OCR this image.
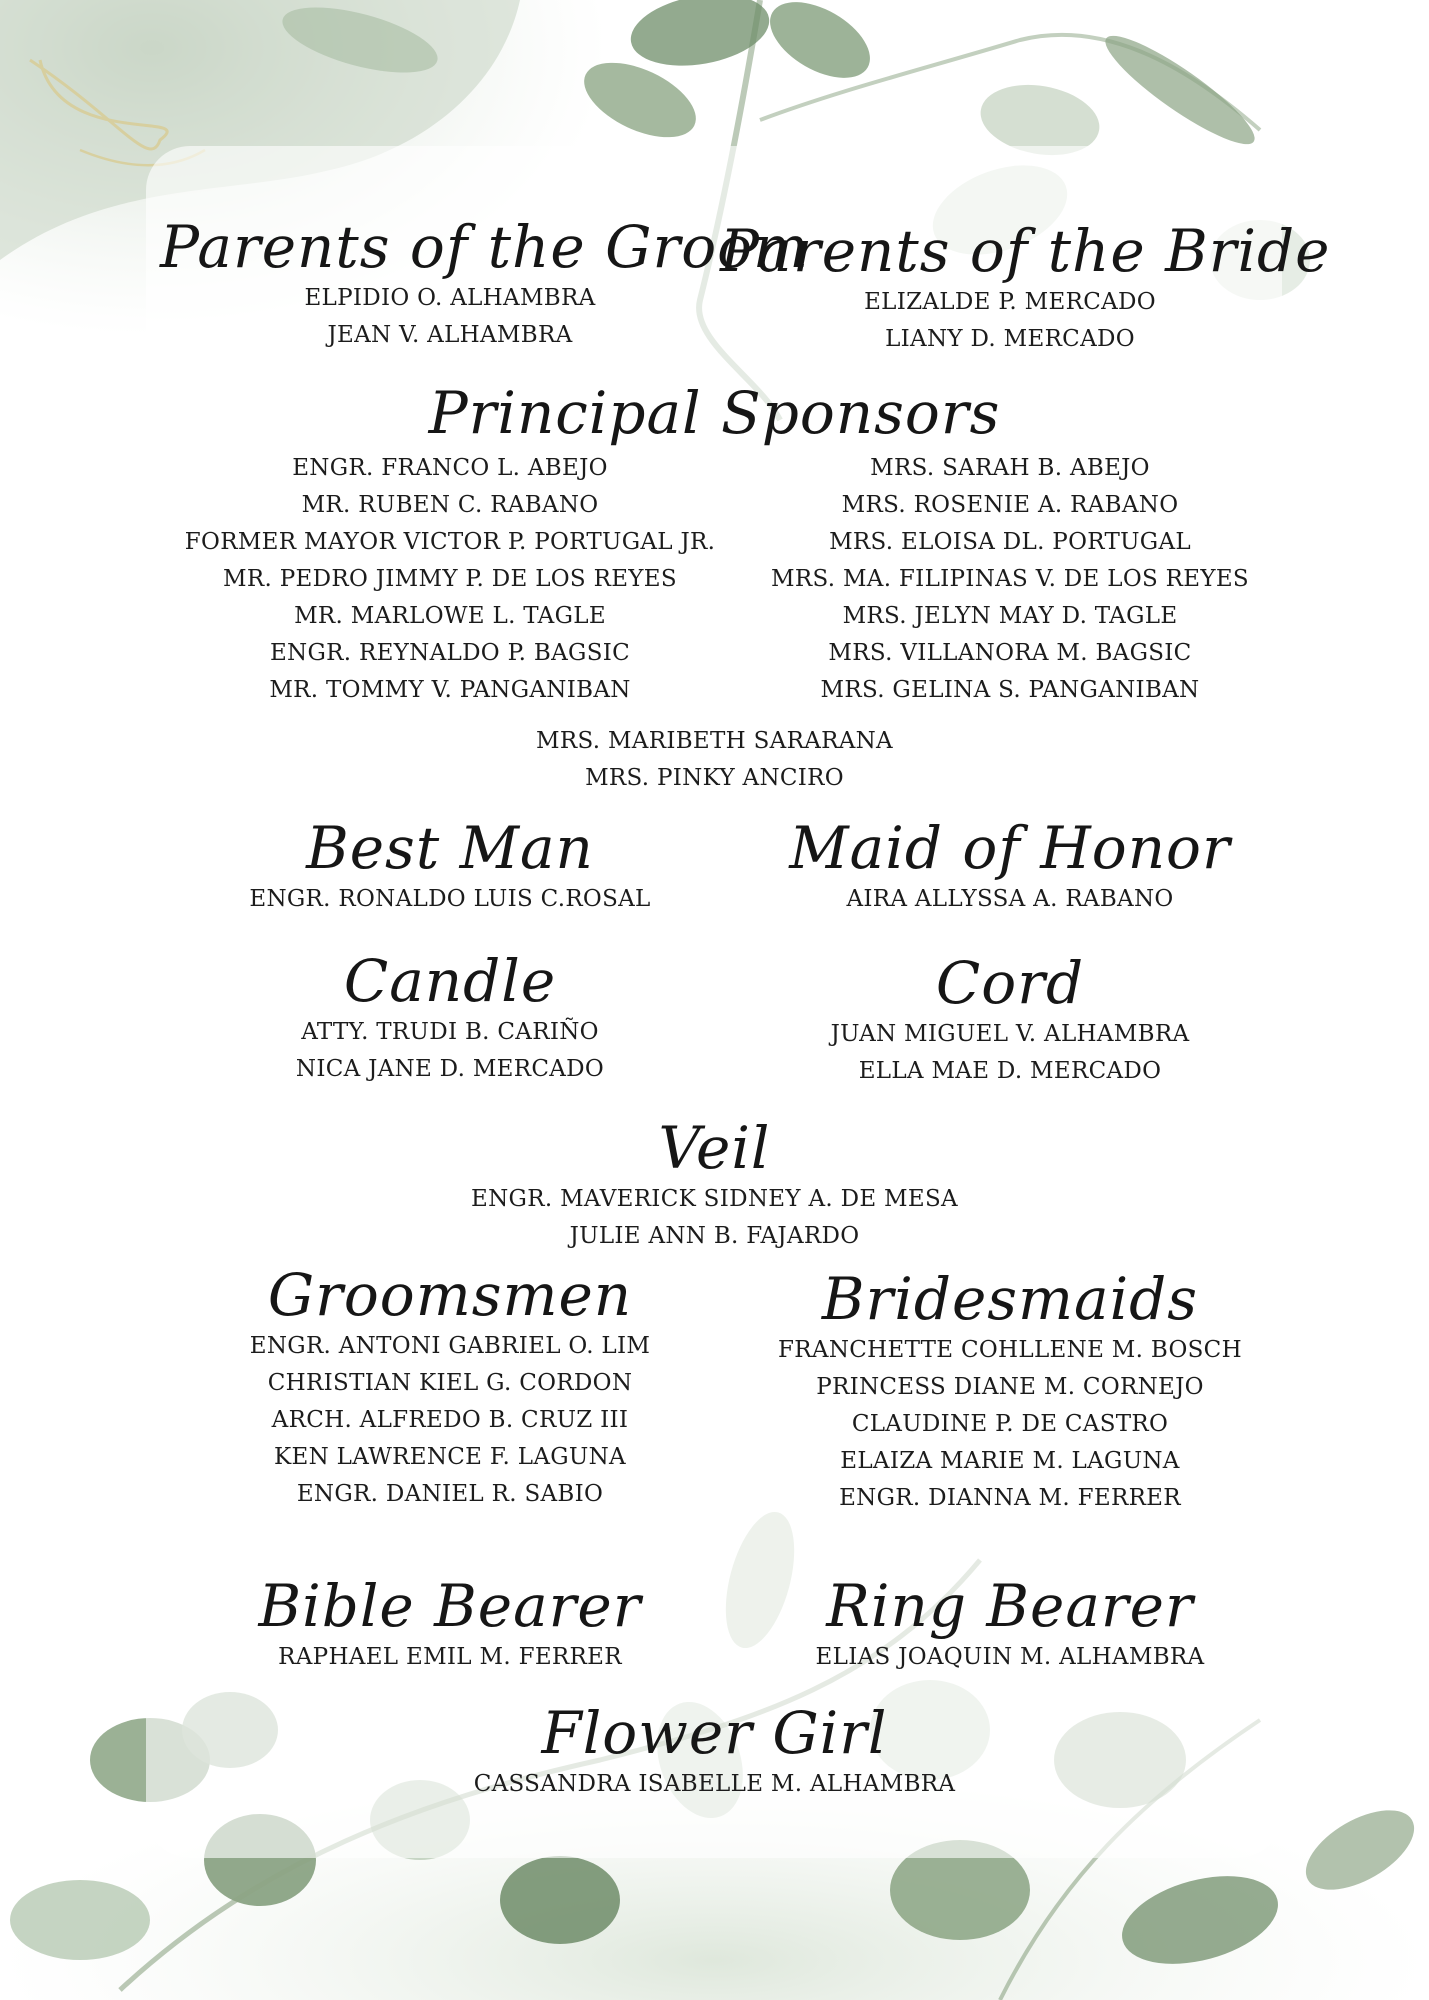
Parents of the Groom
ELPIDIO O. ALHAMBRA
JEAN V. ALHAMBRA
Parents of the Bride
ELIZALDE P. MERCADO
LIANY D. MERCADO
Principal Sponsors
ENGR. FRANCO L. ABEJO
MR. RUBEN C. RABANO
FORMER MAYOR VICTOR P. PORTUGAL JR.
MR. PEDRO JIMMY P. DE LOS REYES
MR. MARLOWE L. TAGLE
ENGR. REYNALDO P. BAGSIC
MR. TOMMY V. PANGANIBAN
MRS. SARAH B. ABEJO
MRS. ROSENIE A. RABANO
MRS. ELOISA DL. PORTUGAL
MRS. MA. FILIPINAS V. DE LOS REYES
MRS. JELYN MAY D. TAGLE
MRS. VILLANORA M. BAGSIC
MRS. GELINA S. PANGANIBAN
MRS. MARIBETH SARARANA
MRS. PINKY ANCIRO
Best Man
ENGR. RONALDO LUIS C.ROSAL
Maid of Honor
AIRA ALLYSSA A. RABANO
Candle
ATTY. TRUDI B. CARIÑO
NICA JANE D. MERCADO
Cord
JUAN MIGUEL V. ALHAMBRA
ELLA MAE D. MERCADO
Veil
ENGR. MAVERICK SIDNEY A. DE MESA
JULIE ANN B. FAJARDO
Groomsmen
ENGR. ANTONI GABRIEL O. LIM
CHRISTIAN KIEL G. CORDON
ARCH. ALFREDO B. CRUZ III
KEN LAWRENCE F. LAGUNA
ENGR. DANIEL R. SABIO
Bridesmaids
FRANCHETTE COHLLENE M. BOSCH
PRINCESS DIANE M. CORNEJO
CLAUDINE P. DE CASTRO
ELAIZA MARIE M. LAGUNA
ENGR. DIANNA M. FERRER
Bible Bearer
RAPHAEL EMIL M. FERRER
Ring Bearer
ELIAS JOAQUIN M. ALHAMBRA
Flower Girl
CASSANDRA ISABELLE M. ALHAMBRA
